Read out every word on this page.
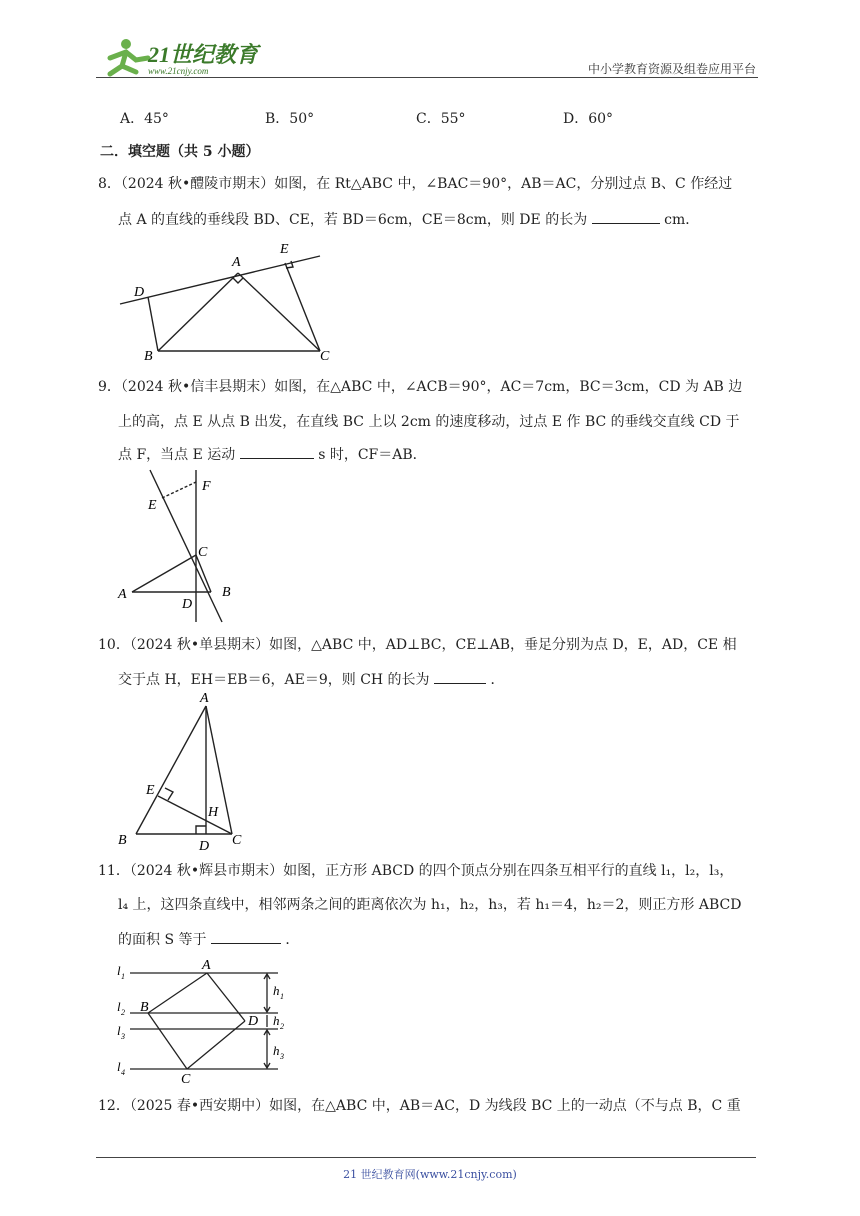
21世纪教育
www.21cnjy.com	中小学教育资源及组卷应用平台
A．45°	B．50°	C．55°	D．60°
二．填空题（共 5 小题）
8．（2024 秋•醴陵市期末）如图，在 Rt△ABC 中，∠BAC＝90°，AB＝AC，分别过点 B、C 作经过
点 A 的直线的垂线段 BD、CE，若 BD＝6cm，CE＝8cm，则 DE 的长为	cm．
A
B	C
D
E
9．（2024 秋•信丰县期末）如图，在△ABC 中，∠ACB＝90°，AC＝7cm，BC＝3cm，CD 为 AB 边
上的高，点 E 从点 B 出发，在直线 BC 上以 2cm 的速度移动，过点 E 作 BC 的垂线交直线 CD 于
点 F，当点 E 运动	s 时，CF＝AB．
F
E
C
A
D
B
10．（2024 秋•单县期末）如图，△ABC 中，AD⊥BC，CE⊥AB，垂足分别为点 D，E，AD，CE 相
交于点 H，EH＝EB＝6，AE＝9，则 CH 的长为	．
A
E
H
B	D C
11．（2024 秋•辉县市期末）如图，正方形 ABCD 的四个顶点分别在四条互相平行的直线 l₁，l₂，l₃，
l₄ 上，这四条直线中，相邻两条之间的距离依次为 h₁，h₂，h₃，若 h₁＝4，h₂＝2，则正方形 ABCD
的面积 S 等于	．
l 1
l 2
l 3
l 4
A
B
D
C
h 1
h 2
h 3
12．（2025 春•西安期中）如图，在△ABC 中，AB＝AC，D 为线段 BC 上的一动点（不与点 B，C 重
21 世纪教育网(www.21cnjy.com)
